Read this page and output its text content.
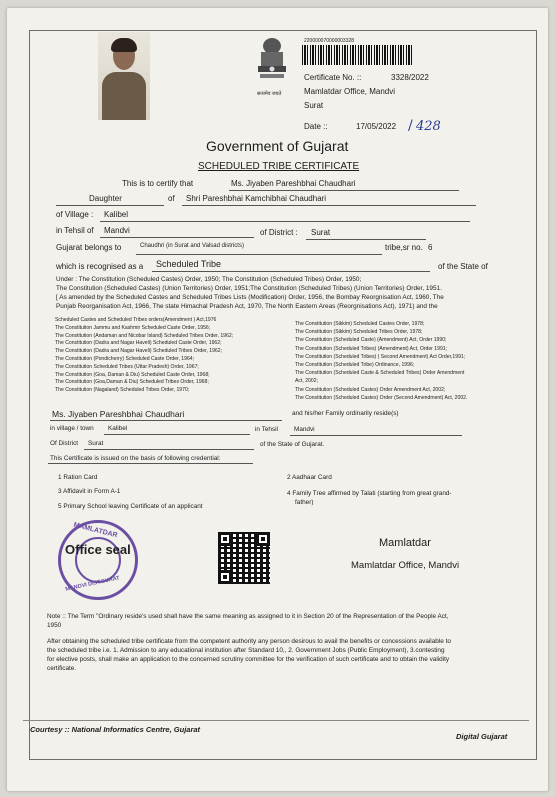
सत्यमेव जयते
220000070000003328
Certificate No. ::	3328/2022
Mamlatdar Office, Mandvi
Surat
Date ::	17/05/2022 / 428
Government of Gujarat
SCHEDULED TRIBE CERTIFICATE
This is to certify that	Ms. Jiyaben Pareshbhai Chaudhari
Daughter	of Shri Pareshbhai Kamchibhai Chaudhari
of Village : Kalibel
in Tehsil of Mandvi	of District : Surat
Gujarat belongs to	Chaudhri (in Surat and Valsad districts)	tribe,sr no. 6
which is recognised as a Scheduled Tribe	of the State of
Under : The Constitution (Scheduled Castes) Order, 1950; The Constitution (Scheduled Tribes) Order, 1950;
The Constitution (Scheduled Castes) (Union Territories) Order, 1951;The Constitution (Scheduled Tribes) (Union Territories) Order, 1951.
[ As amended by the Scheduled Castes and Scheduled Tribes Lists (Modification) Order, 1956, the Bombay Reorgnisation Act, 1960, The
Punjab Reorganisation Act, 1966, The state Himachal Pradesh Act, 1970, The North Eastern Areas (Reorgnisations Act), 1971) and the
Scheduled Castes and Scheduled Tribes orders(Amendment ) Act,1976
The Constitution Jammu and Kashmir Scheduled Caste Order, 1956;
The Constitution (Andaman and Nicobar Island) Scheduled Tribes Order, 1962;
The Constitution (Dadra and Nagar Haveli) Scheduled Caste Order, 1962;
The Constitution (Dadra and Nagar Haveli) Scheduled Tribes Order, 1962;
The Constitution (Pondicherry) Scheduled Caste Order, 1964;
The Constitution Scheduled Tribes (Uttar Pradesh) Order, 1967;
The Constitution (Goa, Daman & Diu) Scheduled Caste Order, 1968;
The Constitution (Goa,Daman & Diu) Scheduled Tribes Order, 1968;
The Constitution (Nagaland) Scheduled Tribes Order, 1970;
The Constitution (Sikkim) Scheduled Castes Order, 1978;
The Constitution (Sikkim) Scheduled Tribes Order, 1978;
The Constitution (Scheduled Caste) (Amendment) Act, Order 1990;
The Constitution (Scheduled Tribes) (Amendment) Act, Order 1991;
The Constitution (Scheduled Tribes) ( Second Amendment) Act Order,1991;
The Constitution (Scheduled Tribe) Ordinance, 1996;
The Constitution (Scheduled Caste & Scheduled Tribes) Order Amendment
Act, 2002;
The Constitution (Scheduled Castes) Order Amendment Act, 2002;
The Constitution (Scheduled Castes) Order (Second Amendment) Act, 2002.
Ms. Jiyaben Pareshbhai Chaudhari	and his/her Family ordinarily reside(s)
in village / town Kalibel	in Tehsil	Mandvi
Of District Surat	of the State of Gujarat.
This Certificate is issued on the basis of following credential:
1 Ration Card	2 Aadhaar Card
3 Affidavit in Form A-1	4 Family Tree affirmed by Talati (starting from great grand-
father)
5 Primary School leaving Certificate of an applicant
MAMLATDAR
MANDVI DIST.SURAT
Office seal	Mamlatdar
Mamlatdar Office, Mandvi
Note :: The Term "Ordinary reside's used shall have the same meaning as assigned to it in Section 20 of the Representation of the People Act,
1950
After obtaining the scheduled tribe certificate from the competent authority any person desirous to avail the benefits or concessions available to
the scheduled tribe i.e. 1. Admission to any educational institution after Standard 10,, 2. Government Jobs (Public Employment), 3.contesting
for elective posts, shall make an application to the concerned scrutiny committee for the verification of such certificate and to obtain the validity
certificate.
Courtesy :: National Informatics Centre, Gujarat
Digital Gujarat
